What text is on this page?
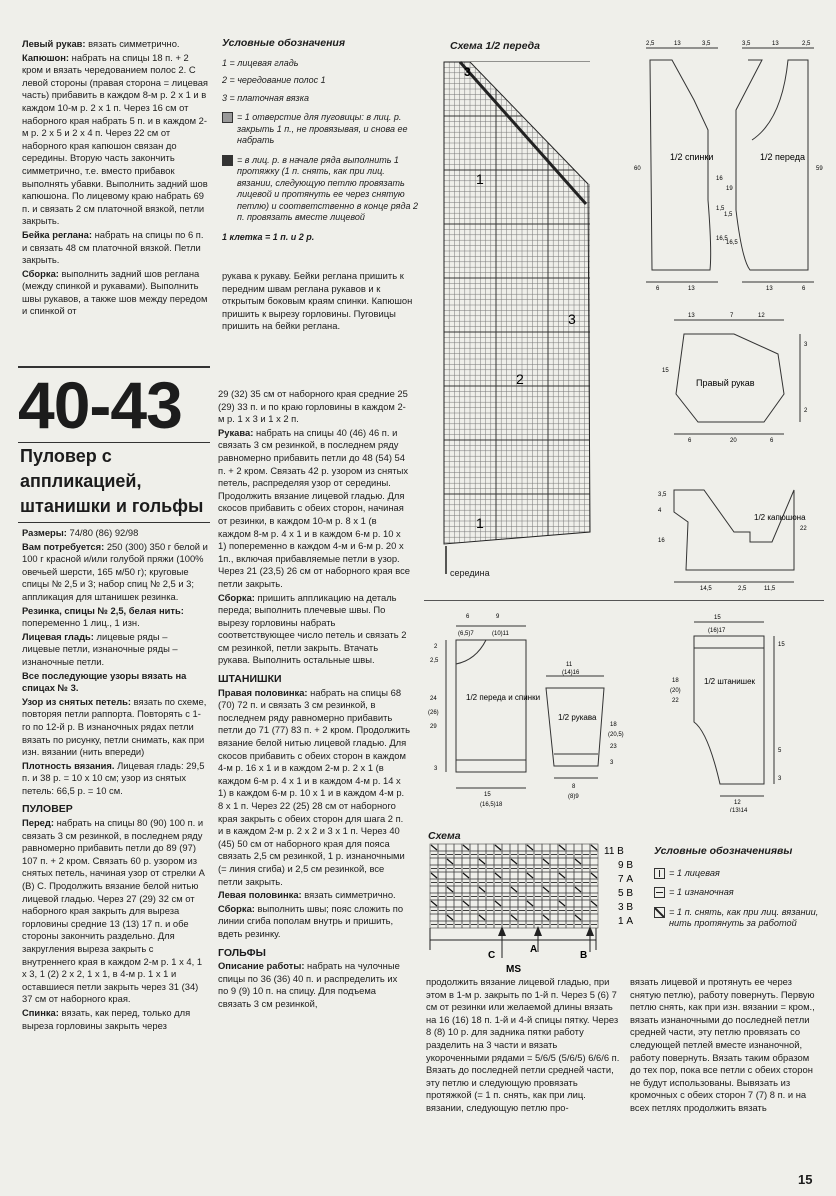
Левый рукав: вязать симметрично.

Капюшон: набрать на спицы 18 п. + 2 кром и вязать чередованием полос 2. С левой стороны (правая сторона = лицевая часть) прибавить в каждом 8-м р. 2 х 1 и в каждом 10-м р. 2 х 1 п. Через 16 см от наборного края набрать 5 п. и в каждом 2-м р. 2 х 5 и 2 х 4 п. Через 22 см от наборного края капюшон связан до середины. Вторую часть закончить симметрично, т.е. вместо прибавок выполнять убавки. Выполнить задний шов капюшона. По лицевому краю набрать 69 п. и связать 2 см платочной вязкой, петли закрыть.

Бейка реглана: набрать на спицы по 6 п. и связать 48 см платочной вязкой. Петли закрыть.

Сборка: выполнить задний шов реглана (между спинкой и рукавами). Выполнить швы рукавов, а также шов между передом и спинкой от

Условные обозначения
1 = лицевая гладь
2 = чередование полос 1
3 = платочная вязка
= 1 отверстие для пуговицы: в лиц. р. закрыть 1 п., не провязывая, и снова ее набрать
= в лиц. р. в начале ряда выполнить 1 протяжку (1 п. снять, как при лиц. вязании, следующую петлю провязать лицевой и протянуть ее через снятую петлю) и соответственно в конце ряда 2 п. провязать вместе лицевой
1 клетка = 1 п. и 2 р.

рукава к рукаву. Бейки реглана пришить к передним швам реглана рукавов и к открытым боковым краям спинки. Капюшон пришить к вырезу горловины. Пуговицы пришить на бейки реглана.

40-43
Пуловер с аппликацией, штанишки и гольфы

Размеры: 74/80 (86) 92/98

Вам потребуется: 250 (300) 350 г белой и 100 г красной и/или голубой пряжи (100% овечьей шерсти, 165 м/50 г); круговые спицы № 2,5 и 3; набор спиц № 2,5 и 3; аппликация для штанишек резинка.

Резинка, спицы № 2,5, белая нить: попеременно 1 лиц., 1 изн.

Лицевая гладь: лицевые ряды – лицевые петли, изнаночные ряды – изнаночные петли.

Все последующие узоры вязать на спицах № 3.

Узор из снятых петель: вязать по схеме, повторяя петли раппорта. Повторять с 1-го по 12-й р. В изнаночных рядах петли вязать по рисунку, петли снимать, как при изн. вязании (нить впереди)

Плотность вязания. Лицевая гладь: 29,5 п. и 38 р. = 10 х 10 см; узор из снятых петель: 66,5 р. = 10 см.

ПУЛОВЕР

Перед: набрать на спицы 80 (90) 100 п. и связать 3 см резинкой, в последнем ряду равномерно прибавить петли до 89 (97) 107 п. + 2 кром. Связать 60 р. узором из снятых петель, начиная узор от стрелки А (В) С. Продолжить вязание белой нитью лицевой гладью. Через 27 (29) 32 см от наборного края закрыть для выреза горловины средние 13 (13) 17 п. и обе стороны закончить раздельно. Для закругления выреза закрыть с внутреннего края в каждом 2-м р. 1 х 4, 1 х 3, 1 (2) 2 х 2, 1 х 1, в 4-м р. 1 х 1 и оставшиеся петли закрыть через 31 (34) 37 см от наборного края.

Спинка: вязать, как перед, только для выреза горловины закрыть через

29 (32) 35 см от наборного края средние 25 (29) 33 п. и по краю горловины в каждом 2-м р. 1 х 3 и 1 х 2 п.

Рукава: набрать на спицы 40 (46) 46 п. и связать 3 см резинкой, в последнем ряду равномерно прибавить петли до 48 (54) 54 п. + 2 кром. Связать 42 р. узором из снятых петель, распределяя узор от середины. Продолжить вязание лицевой гладью. Для скосов прибавить с обеих сторон, начиная от резинки, в каждом 10-м р. 8 х 1 (в каждом 8-м р. 4 х 1 и в каждом 6-м р. 10 х 1) попеременно в каждом 4-м и 6-м р. 20 х 1п., включая прибавляемые петли в узор. Через 21 (23,5) 26 см от наборного края все петли закрыть.

Сборка: пришить аппликацию на деталь переда; выполнить плечевые швы. По вырезу горловины набрать соответствующее число петель и связать 2 см резинкой, петли закрыть. Втачать рукава. Выполнить остальные швы.

ШТАНИШКИ

Правая половинка: набрать на спицы 68 (70) 72 п. и связать 3 см резинкой, в последнем ряду равномерно прибавить петли до 71 (77) 83 п. + 2 кром. Продолжить вязание белой нитью лицевой гладью. Для скосов прибавить с обеих сторон в каждом 4-м р. 16 х 1 и в каждом 2-м р. 2 х 1 (в каждом 6-м р. 4 х 1 и в каждом 4-м р. 14 х 1) в каждом 6-м р. 10 х 1 и в каждом 4-м р. 8 х 1 п. Через 22 (25) 28 см от наборного края закрыть с обеих сторон для шага 2 п. и в каждом 2-м р. 2 х 2 и 3 х 1 п. Через 40 (45) 50 см от наборного края для пояса связать 2,5 см резинкой, 1 р. изнаночными (= линия сгиба) и 2,5 см резинкой, все петли закрыть.

Левая половинка: вязать симметрично.

Сборка: выполнить швы; пояс сложить по линии сгиба пополам внутрь и пришить, вдеть резинку.

ГОЛЬФЫ

Описание работы: набрать на чулочные спицы по 36 (36) 40 п. и распределить их по 9 (9) 10 п. на спицу. Для подъема связать 3 см резинкой,

продолжить вязание лицевой гладью, при этом в 1-м р. закрыть по 1-й п. Через 5 (6) 7 см от резинки или желаемой длины вязать на 16 (16) 18 п. 1-й и 4-й спицы пятку. Через 8 (8) 10 р. для задника пятки работу разделить на 3 части и вязать укороченными рядами = 5/6/5 (5/6/5) 6/6/6 п. Вязать до последней петли средней части, эту петлю и следующую провязать протяжкой (= 1 п. снять, как при лиц. вязании, следующую петлю про-

вязать лицевой и протянуть ее через снятую петлю), работу повернуть. Первую петлю снять, как при изн. вязании = кром., вязать изнаночными до последней петли средней части, эту петлю провязать со следующей петлей вместе изнаночной, работу повернуть. Вязать таким образом до тех пор, пока все петли с обеих сторон не будут использованы. Вывязать из кромочных с обеих сторон 7 (7) 8 п. и на всех петлях продолжить вязать

Схема 1/2 переда
3
1
2
3
1
середина
1/2 спинки	1/2 переда
2,5	13	3,5	3,5	13	2,5
60	59
16
1,5
16,5
19
1,5
16,5
6	13	13	6
Правый рукав
13	7	12
15
3
2
6	20	6
1/2 капюшона
3,5
4
16
22
14,5	2,5	11,5
1/2 переда и спинки
6	9
(6,5)7	(10)11
2
2,5
24
(26)
29
3
15
(16,5)18
1/2 рукава
11
(14)16
18
(20,5)
23
3
8
(8)9
1/2 штанишек
15
(16)17
15
18
(20)
22
5
3
12
(13)14
Схема
11 В
9 В
7 А
5 В
3 В
1 А
C
A
B
MS
Условные обозначениявы
= 1 лицевая
= 1 изнаночная
= 1 п. снять, как при лиц. вязании, нить протянуть за работой
15
